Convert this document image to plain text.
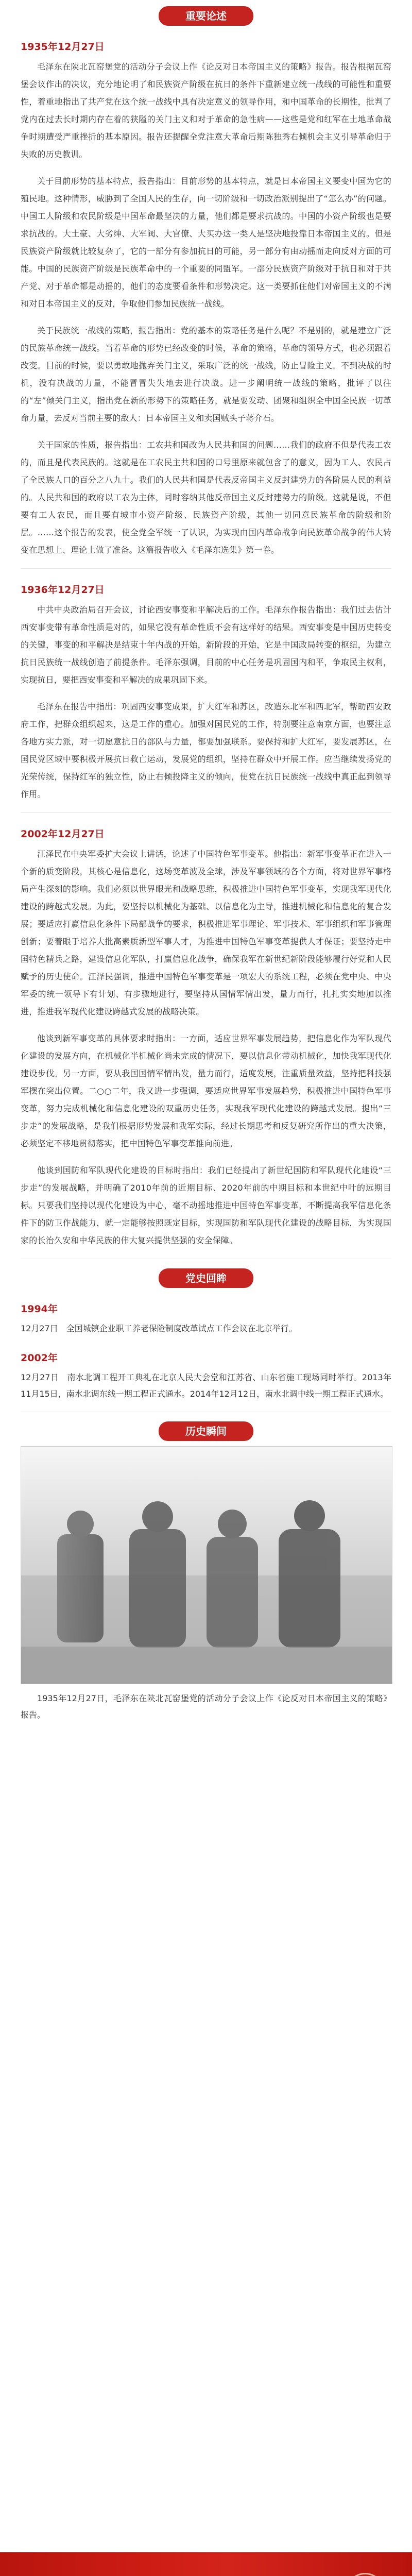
重要论述
1935年12月27日

毛泽东在陕北瓦窑堡党的活动分子会议上作《论反对日本帝国主义的策略》报告。报告根据瓦窑堡会议作出的决议，充分地论明了和民族资产阶级在抗日的条件下重新建立统一战线的可能性和重要性，着重地指出了共产党在这个统一战线中具有决定意义的领导作用，和中国革命的长期性，批判了党内在过去长时期内存在着的狭隘的关门主义和对于革命的急性病——这些是党和红军在土地革命战争时期遭受严重挫折的基本原因。报告还提醒全党注意大革命后期陈独秀右倾机会主义引导革命归于失败的历史教训。

关于目前形势的基本特点，报告指出：目前形势的基本特点，就是日本帝国主义要变中国为它的殖民地。这种情形，威胁到了全国人民的生存，向一切阶级和一切政治派别提出了“怎么办”的问题。中国工人阶级和农民阶级是中国革命最坚决的力量，他们都是要求抗战的。中国的小资产阶级也是要求抗战的。大土豪、大劣绅、大军阀、大官僚、大买办这一类人是坚决地投靠日本帝国主义的。但是民族资产阶级就比较复杂了，它的一部分有参加抗日的可能，另一部分有由动摇而走向反对方面的可能。中国的民族资产阶级是民族革命中的一个重要的同盟军。一部分民族资产阶级对于抗日和对于共产党、对于革命都是动摇的，他们的态度要看条件和形势决定。这一类要抓住他们对帝国主义的不满和对日本帝国主义的反对，争取他们参加民族统一战线。

关于民族统一战线的策略，报告指出：党的基本的策略任务是什么呢？不是别的，就是建立广泛的民族革命统一战线。当着革命的形势已经改变的时候，革命的策略，革命的领导方式，也必须跟着改变。目前的时候，要以勇敢地抛弃关门主义，采取广泛的统一战线，防止冒险主义。不到决战的时机，没有决战的力量，不能冒冒失失地去进行决战。进一步阐明统一战线的策略，批评了以往的“左”倾关门主义，指出党在新的形势下的策略任务，就是要发动、团聚和组织全中国全民族一切革命力量，去反对当前主要的敌人：日本帝国主义和卖国贼头子蒋介石。

关于国家的性质，报告指出：工农共和国改为人民共和国的问题……我们的政府不但是代表工农的，而且是代表民族的。这就是在工农民主共和国的口号里原来就包含了的意义，因为工人、农民占了全民族人口的百分之八九十。我们的人民共和国是代表反帝国主义反封建势力的各阶层人民的利益的。人民共和国的政府以工农为主体，同时容纳其他反帝国主义反封建势力的阶级。这就是说，不但要有工人农民，而且要有城市小资产阶级、民族资产阶级，其他一切同意民族革命的阶级和阶层。……这个报告的发表，使全党全军统一了认识，为实现由国内革命战争向民族革命战争的伟大转变在思想上、理论上做了准备。这篇报告收入《毛泽东选集》第一卷。

1936年12月27日

中共中央政治局召开会议，讨论西安事变和平解决后的工作。毛泽东作报告指出：我们过去估计西安事变带有革命性质是对的，如果它没有革命性质不会有这样好的结果。西安事变是中国历史转变的关键，事变的和平解决是结束十年内战的开始，新阶段的开始，它是中国政局转变的枢纽，为建立抗日民族统一战线创造了前提条件。毛泽东强调，目前的中心任务是巩固国内和平，争取民主权利，实现抗日，要把西安事变和平解决的成果巩固下来。

毛泽东在报告中指出：巩固西安事变成果，扩大红军和苏区，改造东北军和西北军，帮助西安政府工作，把群众组织起来，这是工作的重心。加强对国民党的工作，特别要注意南京方面，也要注意各地方实力派，对一切愿意抗日的部队与力量，都要加强联系。要保持和扩大红军，要发展苏区，在国民党区域中要积极开展抗日救亡运动，发展党的组织，坚持在群众中开展工作。应当继续发扬党的光荣传统，保持红军的独立性，防止右倾投降主义的倾向，使党在抗日民族统一战线中真正起到领导作用。

2002年12月27日

江泽民在中央军委扩大会议上讲话，论述了中国特色军事变革。他指出：新军事变革正在进入一个新的质变阶段，其核心是信息化，这场变革波及全球，涉及军事领域的各个方面，将对世界军事格局产生深刻的影响。我们必须以世界眼光和战略思维，积极推进中国特色军事变革，实现我军现代化建设的跨越式发展。为此，要坚持以机械化为基础、以信息化为主导，推进机械化和信息化的复合发展；要适应打赢信息化条件下局部战争的要求，积极推进军事理论、军事技术、军事组织和军事管理创新；要着眼于培养大批高素质新型军事人才，为推进中国特色军事变革提供人才保证；要坚持走中国特色精兵之路，建设信息化军队，打赢信息化战争，确保我军在新世纪新阶段能够履行好党和人民赋予的历史使命。江泽民强调，推进中国特色军事变革是一项宏大的系统工程，必须在党中央、中央军委的统一领导下有计划、有步骤地进行，要坚持从国情军情出发，量力而行，扎扎实实地加以推进，推进我军现代化建设跨越式发展的战略决策。

他谈到新军事变革的具体要求时指出：一方面，适应世界军事发展趋势，把信息化作为军队现代化建设的发展方向，在机械化半机械化尚未完成的情况下，要以信息化带动机械化，加快我军现代化建设步伐。另一方面，要从我国国情军情出发，量力而行，适度发展，注重质量效益，坚持把科技强军摆在突出位置。二○○二年，我又进一步强调，要适应世界军事发展趋势，积极推进中国特色军事变革，努力完成机械化和信息化建设的双重历史任务，实现我军现代化建设的跨越式发展。提出“三步走”的发展战略，是我们根据形势发展和我军实际，经过长期思考和反复研究所作出的重大决策，必须坚定不移地贯彻落实，把中国特色军事变革推向前进。

他谈到国防和军队现代化建设的目标时指出：我们已经提出了新世纪国防和军队现代化建设“三步走”的发展战略，并明确了2010年前的近期目标、2020年前的中期目标和本世纪中叶的远期目标。只要我们坚持以现代化建设为中心，毫不动摇地推进中国特色军事变革，不断提高我军信息化条件下的防卫作战能力，就一定能够按照既定目标，实现国防和军队现代化建设的战略目标，为实现国家的长治久安和中华民族的伟大复兴提供坚强的安全保障。

党史回眸
1994年

12月27日　全国城镇企业职工养老保险制度改革试点工作会议在北京举行。

2002年

12月27日　南水北调工程开工典礼在北京人民大会堂和江苏省、山东省施工现场同时举行。2013年11月15日，南水北调东线一期工程正式通水。2014年12月12日，南水北调中线一期工程正式通水。

历史瞬间

1935年12月27日，毛泽东在陕北瓦窑堡党的活动分子会议上作《论反对日本帝国主义的策略》报告。
